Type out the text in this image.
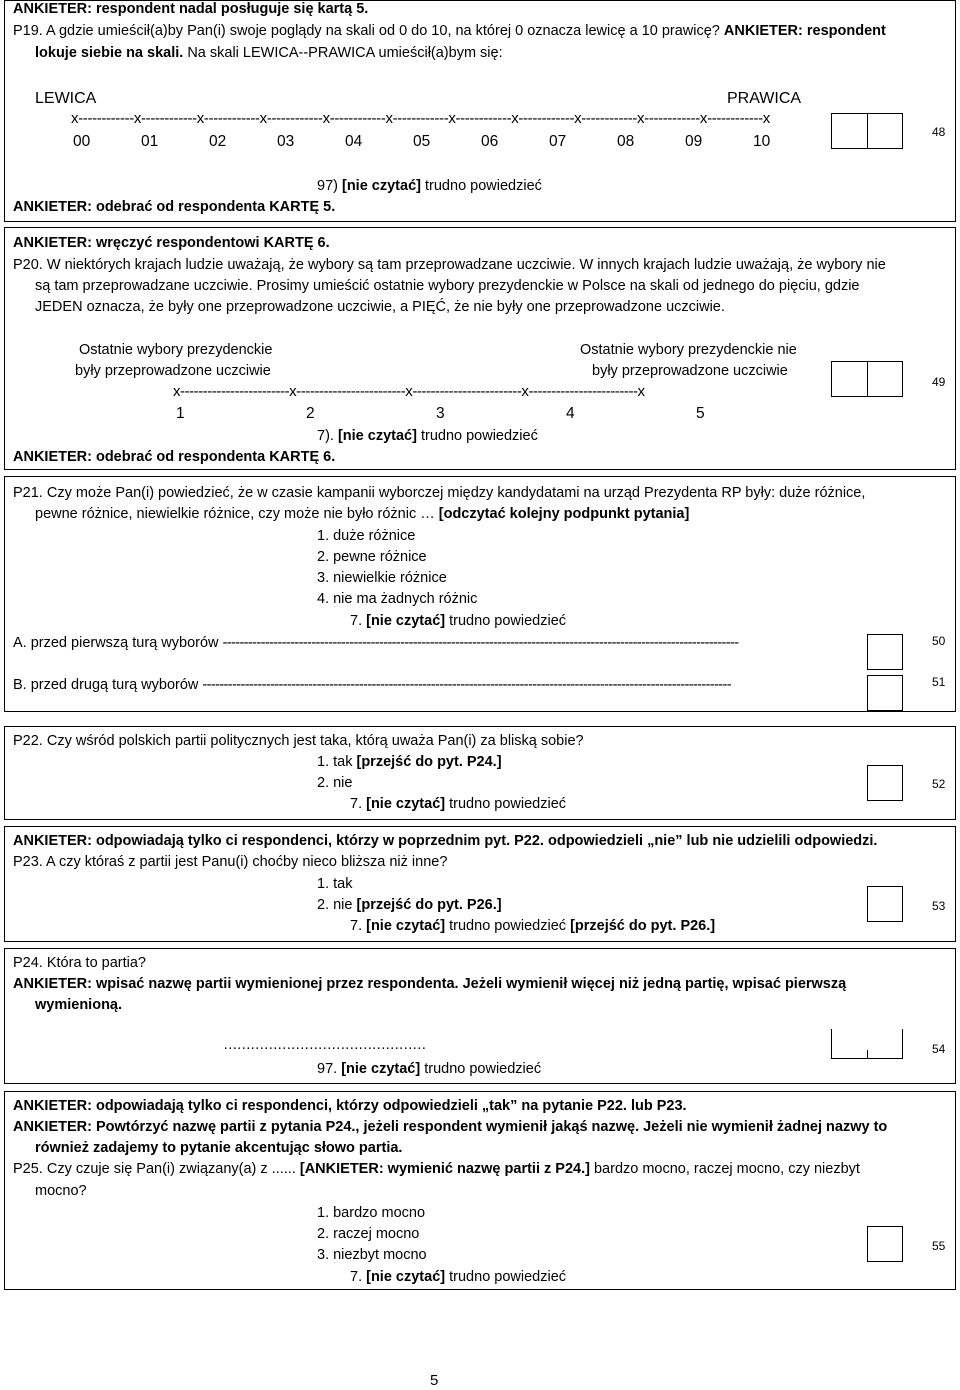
ANKIETER: respondent nadal posługuje się kartą 5.
P19. A gdzie umieścił(a)by Pan(i) swoje poglądy na skali od 0 do 10, na której 0 oznacza lewicę a 10 prawicę? ANKIETER: respondent
lokuje siebie na skali. Na skali LEWICA--PRAWICA umieścił(a)bym się:
LEWICA	PRAWICA
x------------x------------x------------x------------x------------x------------x------------x------------x------------x------------x------------x
00	01	02	03	04	05	06	07	08	09	10
97) [nie czytać] trudno powiedzieć
ANKIETER: odebrać od respondenta KARTĘ 5.
48
ANKIETER: wręczyć respondentowi KARTĘ 6.
P20. W niektórych krajach ludzie uważają, że wybory są tam przeprowadzane uczciwie. W innych krajach ludzie uważają, że wybory nie
są tam przeprowadzane uczciwie. Prosimy umieścić ostatnie wybory prezydenckie w Polsce na skali od jednego do pięciu, gdzie
JEDEN oznacza, że były one przeprowadzone uczciwie, a PIĘĆ, że nie były one przeprowadzone uczciwie.
Ostatnie wybory prezydenckie
były przeprowadzone uczciwie
Ostatnie wybory prezydenckie nie
były przeprowadzone uczciwie
x------------------------x------------------------x------------------------x------------------------x
1	2	3	4	5
7). [nie czytać] trudno powiedzieć
ANKIETER: odebrać od respondenta KARTĘ 6.
49
P21. Czy może Pan(i) powiedzieć, że w czasie kampanii wyborczej między kandydatami na urząd Prezydenta RP były: duże różnice,
pewne różnice, niewielkie różnice, czy może nie było różnic … [odczytać kolejny podpunkt pytania]
1. duże różnice
2. pewne różnice
3. niewielkie różnice
4. nie ma żadnych różnic
7. [nie czytać] trudno powiedzieć
A. przed pierwszą turą wyborów --------------------------------------------------------------------------------------------------------------------------
B. przed drugą turą wyborów -----------------------------------------------------------------------------------------------------------------------------
50
51
P22. Czy wśród polskich partii politycznych jest taka, którą uważa Pan(i) za bliską sobie?
1. tak [przejść do pyt. P24.]
2. nie
7. [nie czytać] trudno powiedzieć
52
ANKIETER: odpowiadają tylko ci respondenci, którzy w poprzednim pyt. P22. odpowiedzieli „nie” lub nie udzielili odpowiedzi.
P23. A czy któraś z partii jest Panu(i) choćby nieco bliższa niż inne?
1. tak
2. nie [przejść do pyt. P26.]
7. [nie czytać] trudno powiedzieć [przejść do pyt. P26.]
53
P24. Która to partia?
ANKIETER: wpisać nazwę partii wymienionej przez respondenta. Jeżeli wymienił więcej niż jedną partię, wpisać pierwszą
wymienioną.
………………………………………
97. [nie czytać] trudno powiedzieć
54
ANKIETER: odpowiadają tylko ci respondenci, którzy odpowiedzieli „tak” na pytanie P22. lub P23.
ANKIETER: Powtórzyć nazwę partii z pytania P24., jeżeli respondent wymienił jakąś nazwę. Jeżeli nie wymienił żadnej nazwy to
również zadajemy to pytanie akcentując słowo partia.
P25. Czy czuje się Pan(i) związany(a) z ...... [ANKIETER: wymienić nazwę partii z P24.] bardzo mocno, raczej mocno, czy niezbyt
mocno?
1. bardzo mocno
2. raczej mocno
3. niezbyt mocno
7. [nie czytać] trudno powiedzieć
55
5
